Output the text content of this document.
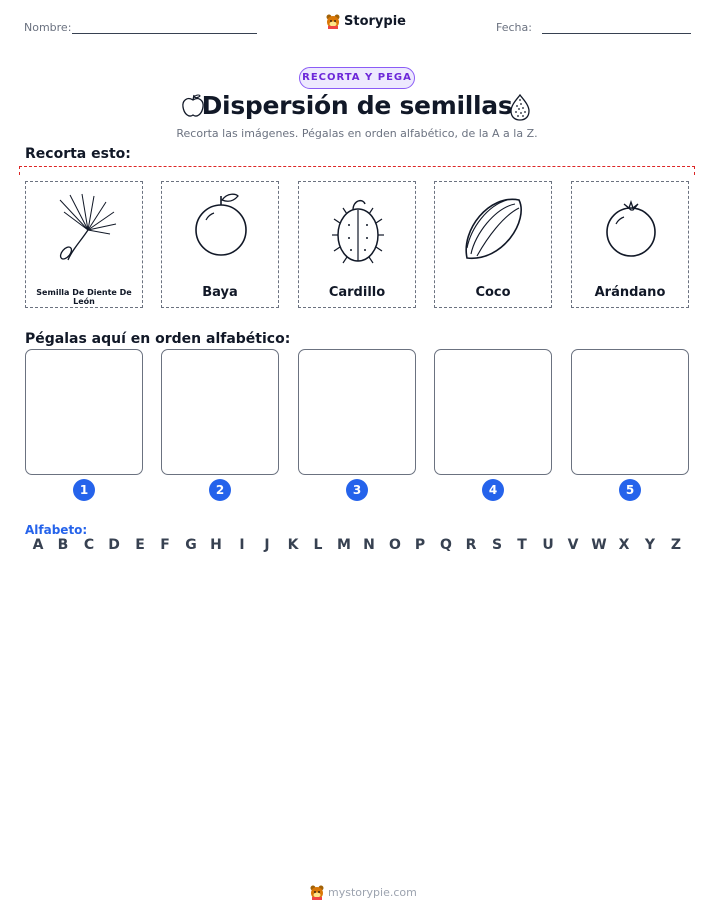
Nombre:	Storypie	Fecha:
RECORTA Y PEGA
Dispersión de semillas
Recorta las imágenes. Pégalas en orden alfabético, de la A a la Z.
Recorta esto:
Semilla De Diente De León
Baya	Cardillo	Coco	Arándano
Pégalas aquí en orden alfabético:
1	2	3	4	5
Alfabeto:
A	B	C	D	E	F	G H	I	J	K	L	M N O P	Q R	S	T	U V W X	Y	Z
mystorypie.com
